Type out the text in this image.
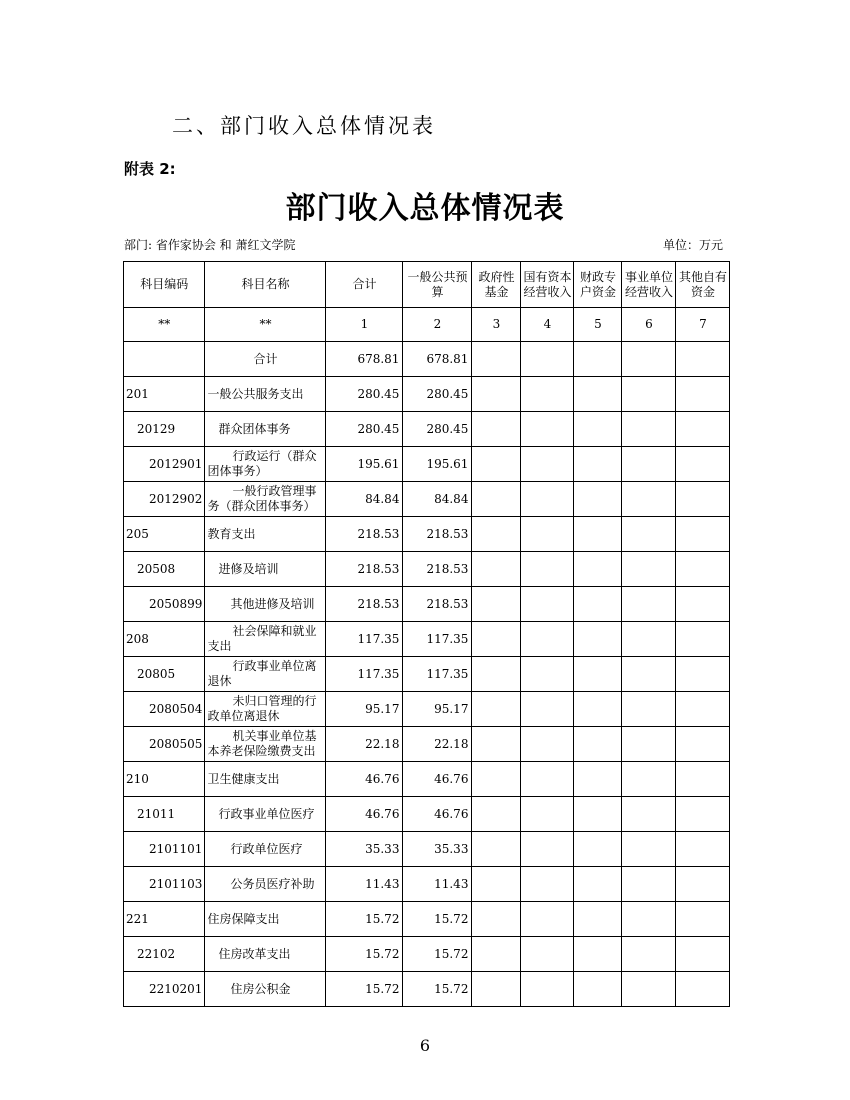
二、部门收入总体情况表
附表 2:
部门收入总体情况表
部门: 省作家协会 和 萧红文学院	单位：万元
科目编码	科目名称	合计	一般公共预算	政府性基金	国有资本经营收入	财政专户资金	事业单位经营收入	其他自有资金
**	**	1	2	3	4	5	6	7
	合计	678.81	678.81					
201	一般公共服务支出	280.45	280.45					
20129	群众团体事务	280.45	280.45					
2012901	行政运行（群众团体事务）	195.61	195.61					
2012902	一般行政管理事务（群众团体事务）	84.84	84.84					
205	教育支出	218.53	218.53					
20508	进修及培训	218.53	218.53					
2050899	其他进修及培训	218.53	218.53					
208	社会保障和就业支出	117.35	117.35					
20805	行政事业单位离退休	117.35	117.35					
2080504	未归口管理的行政单位离退休	95.17	95.17					
2080505	机关事业单位基本养老保险缴费支出	22.18	22.18					
210	卫生健康支出	46.76	46.76					
21011	行政事业单位医疗	46.76	46.76					
2101101	行政单位医疗	35.33	35.33					
2101103	公务员医疗补助	11.43	11.43					
221	住房保障支出	15.72	15.72					
22102	住房改革支出	15.72	15.72					
2210201	住房公积金	15.72	15.72					
6
